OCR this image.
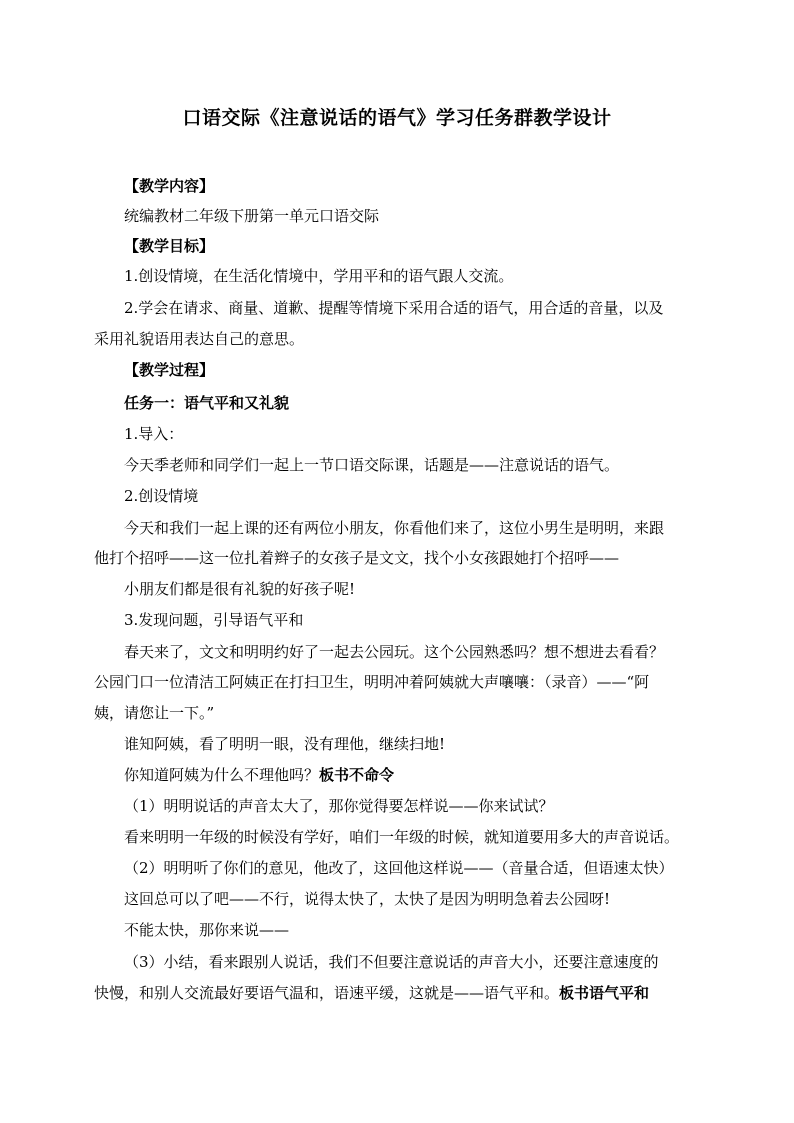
口语交际《注意说话的语气》学习任务群教学设计
【教学内容】
统编教材二年级下册第一单元口语交际
【教学目标】
1.创设情境，在生活化情境中，学用平和的语气跟人交流。
2.学会在请求、商量、道歉、提醒等情境下采用合适的语气，用合适的音量，以及
采用礼貌语用表达自己的意思。
【教学过程】
任务一：语气平和又礼貌
1.导入：
今天季老师和同学们一起上一节口语交际课，话题是——注意说话的语气。
2.创设情境
今天和我们一起上课的还有两位小朋友，你看他们来了，这位小男生是明明，来跟
他打个招呼——这一位扎着辫子的女孩子是文文，找个小女孩跟她打个招呼——
小朋友们都是很有礼貌的好孩子呢!
3.发现问题，引导语气平和
春天来了，文文和明明约好了一起去公园玩。这个公园熟悉吗？想不想进去看看？
公园门口一位清洁工阿姨正在打扫卫生，明明冲着阿姨就大声嚷嚷：（录音）——“阿
姨，请您让一下。”
谁知阿姨，看了明明一眼，没有理他，继续扫地!
你知道阿姨为什么不理他吗？板书不命令
（1）明明说话的声音太大了，那你觉得要怎样说——你来试试？
看来明明一年级的时候没有学好，咱们一年级的时候，就知道要用多大的声音说话。
（2）明明听了你们的意见，他改了，这回他这样说——（音量合适，但语速太快）
这回总可以了吧——不行，说得太快了，太快了是因为明明急着去公园呀!
不能太快，那你来说——
（3）小结，看来跟别人说话，我们不但要注意说话的声音大小，还要注意速度的
快慢，和别人交流最好要语气温和，语速平缓，这就是——语气平和。板书语气平和
